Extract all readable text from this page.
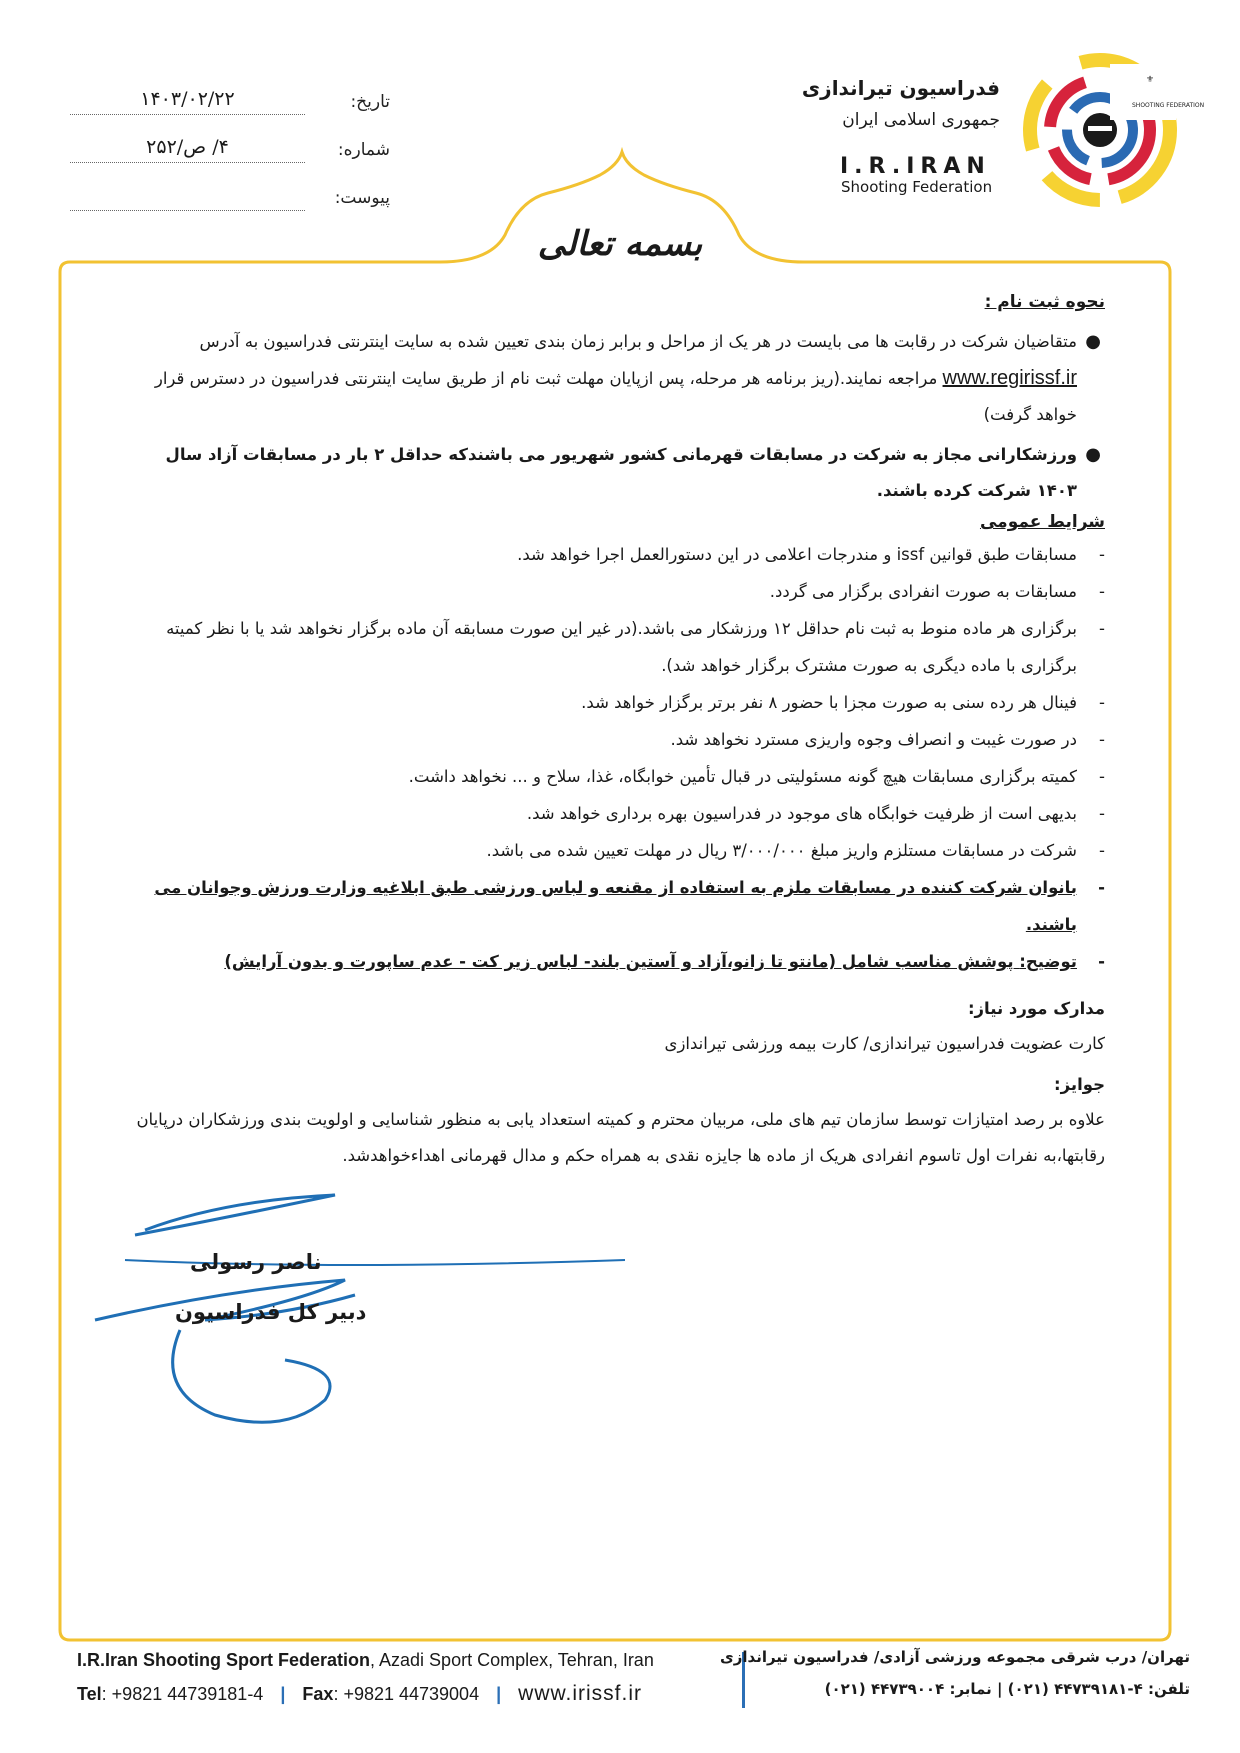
تاریخ:
۱۴۰۳/۰۲/۲۲
شماره:
۴/ ص/۲۵۲
پیوست:
⚜
SHOOTING FEDERATION
فدراسیون تیراندازی
جمهوری اسلامی ایران
I.R.IRAN
Shooting Federation
بسمه تعالی
نحوه ثبت نام :
●
متقاضیان شرکت در رقابت ها می بایست در هر یک از مراحل و برابر زمان بندی تعیین شده به سایت اینترنتی فدراسیون به آدرس www.regirissf.ir مراجعه نمایند.(ریز برنامه هر مرحله، پس ازپایان مهلت ثبت نام از طریق سایت اینترنتی فدراسیون در دسترس قرار خواهد گرفت)
●
ورزشکارانی مجاز به شرکت در مسابقات قهرمانی کشور شهریور می باشندکه حداقل ۲ بار در مسابقات آزاد سال ۱۴۰۳ شرکت کرده باشند.
شرایط عمومی
-
مسابقات طبق قوانین issf و مندرجات اعلامی در این دستورالعمل اجرا خواهد شد.
-
مسابقات به صورت انفرادی برگزار می گردد.
-
برگزاری هر ماده منوط به ثبت نام حداقل ۱۲ ورزشکار می باشد.(در غیر این صورت مسابقه آن ماده برگزار نخواهد شد یا با نظر کمیته برگزاری با ماده دیگری به صورت مشترک برگزار خواهد شد).
-
فینال هر رده سنی به صورت مجزا با حضور ۸ نفر برتر برگزار خواهد شد.
-
در صورت غیبت و انصراف وجوه واریزی مسترد نخواهد شد.
-
کمیته برگزاری مسابقات هیچ گونه مسئولیتی در قبال تأمین خوابگاه، غذا، سلاح و ... نخواهد داشت.
-
بدیهی است از ظرفیت خوابگاه های موجود در فدراسیون بهره برداری خواهد شد.
-
شرکت در مسابقات مستلزم واریز مبلغ ۳/۰۰۰/۰۰۰ ریال در مهلت تعیین شده می باشد.
-
بانوان شرکت کننده در مسابقات ملزم به استفاده از مقنعه و لباس ورزشی طبق ابلاغیه وزارت ورزش وجوانان می باشند.
-
توضیح: پوشش مناسب شامل (مانتو تا زانو،آزاد و آستین بلند- لباس زیر کت - عدم ساپورت و بدون آرایش)
مدارک مورد نیاز:
کارت عضویت فدراسیون تیراندازی/ کارت بیمه ورزشی تیراندازی
جوایز:
علاوه بر رصد امتیازات توسط سازمان تیم های ملی، مربیان محترم و کمیته استعداد یابی به منظور شناسایی و اولویت بندی ورزشکاران درپایان رقابتها،به نفرات اول تاسوم انفرادی هریک از ماده ها جایزه نقدی به همراه حکم و مدال قهرمانی اهداءخواهدشد.
ناصر رسولی
دبیر کل فدراسیون
I.R.Iran Shooting Sport Federation, Azadi Sport Complex, Tehran, Iran
Tel: +9821 44739181-4 | Fax: +9821 44739004 | www.irissf.ir
تهران/ درب شرقی مجموعه ورزشی آزادی/ فدراسیون تیراندازی
تلفن: ۴-۴۴۷۳۹۱۸۱ (۰۲۱) | نمابر: ۴۴۷۳۹۰۰۴ (۰۲۱)
